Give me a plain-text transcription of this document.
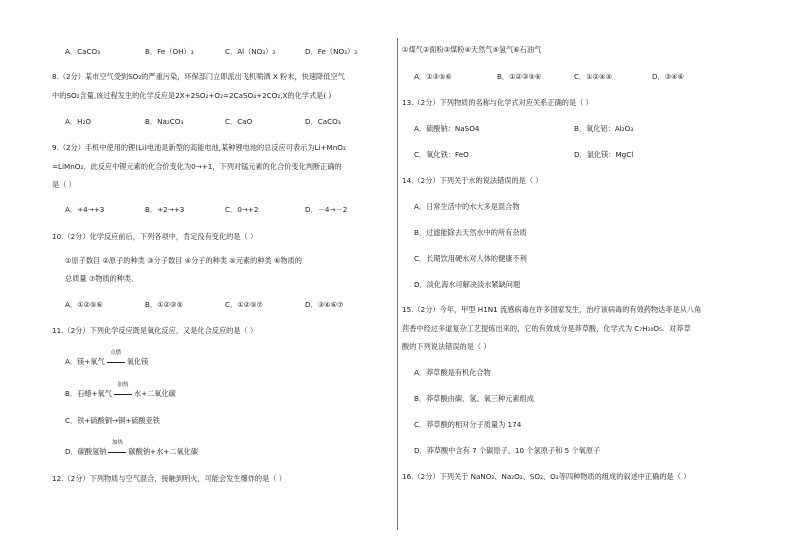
A．CaCO₃	B．Fe（OH）₃	C．Al（NO₃）₃	D．Fe（NO₃）₃
8.（2分）某市空气受到SO₂的严重污染，环保部门立即派出飞机喷洒 X 粉末，快速降低空气
中的SO₂含量,该过程发生的化学反应是2X+2SO₂+O₂=2CaSO₄+2CO₂,X的化学式是( )
A．H₂O	B．Na₂CO₃	C．CaO	D．CaCO₃
9.（2分）手机中使用的锂(Li)电池是新型的高能电池,某种锂电池的总反应可表示为Li+MnO₂
=LiMnO₂．此反应中锂元素的化合价变化为0→+1，下列对锰元素的化合价变化判断正确的
是（ ）
A．+4→+3	B．+2→+3	C．0→+2	D．－4→－2
10.（2分）化学反应前后，下列各项中，肯定没有变化的是（ ）
①原子数目 ②原子的种类 ③分子数目 ④分子的种类 ⑤元素的种类 ⑥物质的
总质量 ⑦物质的种类．
A．①②⑤⑥	B．①②③⑤	C．①②⑤⑦	D．③④⑥⑦
11.（2分）下列化学反应既是氧化反应，又是化合反应的是（ ）
A．镁+氧气
点燃
氧化镁
B．石蜡+氧气
加热
水+二氧化碳
C．铁+硫酸铜→铜+硫酸亚铁
D．碳酸氢钠
加热
碳酸钠+水+二氧化碳
12.（2分）下列物质与空气混合，接触到明火，可能会发生爆炸的是（ ）
①煤气②面粉③煤粉④天然气⑤氢气⑥石油气
A．①③⑤⑥	B．①②③⑤⑥	C．①②④⑤	D．③④⑥
13.（2分）下列物质的名称与化学式对应关系正确的是（ ）
A．硫酸钠：NaSO4	B．氧化铝：Al₂O₃
C．氧化铁：FeO	D．氯化镁：MgCl
14.（2分）下列关于水的说法错误的是（ ）
A．日常生活中的水大多是混合物
B．过滤能除去天然水中的所有杂质
C．长期饮用硬水对人体的健康不利
D．淡化海水可解决淡水紧缺问题
15.（2分）今年，甲型 H1N1 流感病毒在许多国家发生，治疗该病毒的有效药物达菲是从八角
茴香中经过多道复杂工艺提炼出来的，它的有效成分是莽草酸，化学式为 C₇H₁₀O₅．对莽草
酸的下列说法错误的是（ ）
A．莽草酸是有机化合物
B．莽草酸由碳、氢、氧三种元素组成
C．莽草酸的相对分子质量为 174
D．莽草酸中含有 7 个碳原子、10 个氢原子和 5 个氧原子
16.（2分）下列关于 NaNO₂、Na₂O₂、SO₂、O₂等四种物质的组成的叙述中正确的是（ ）
